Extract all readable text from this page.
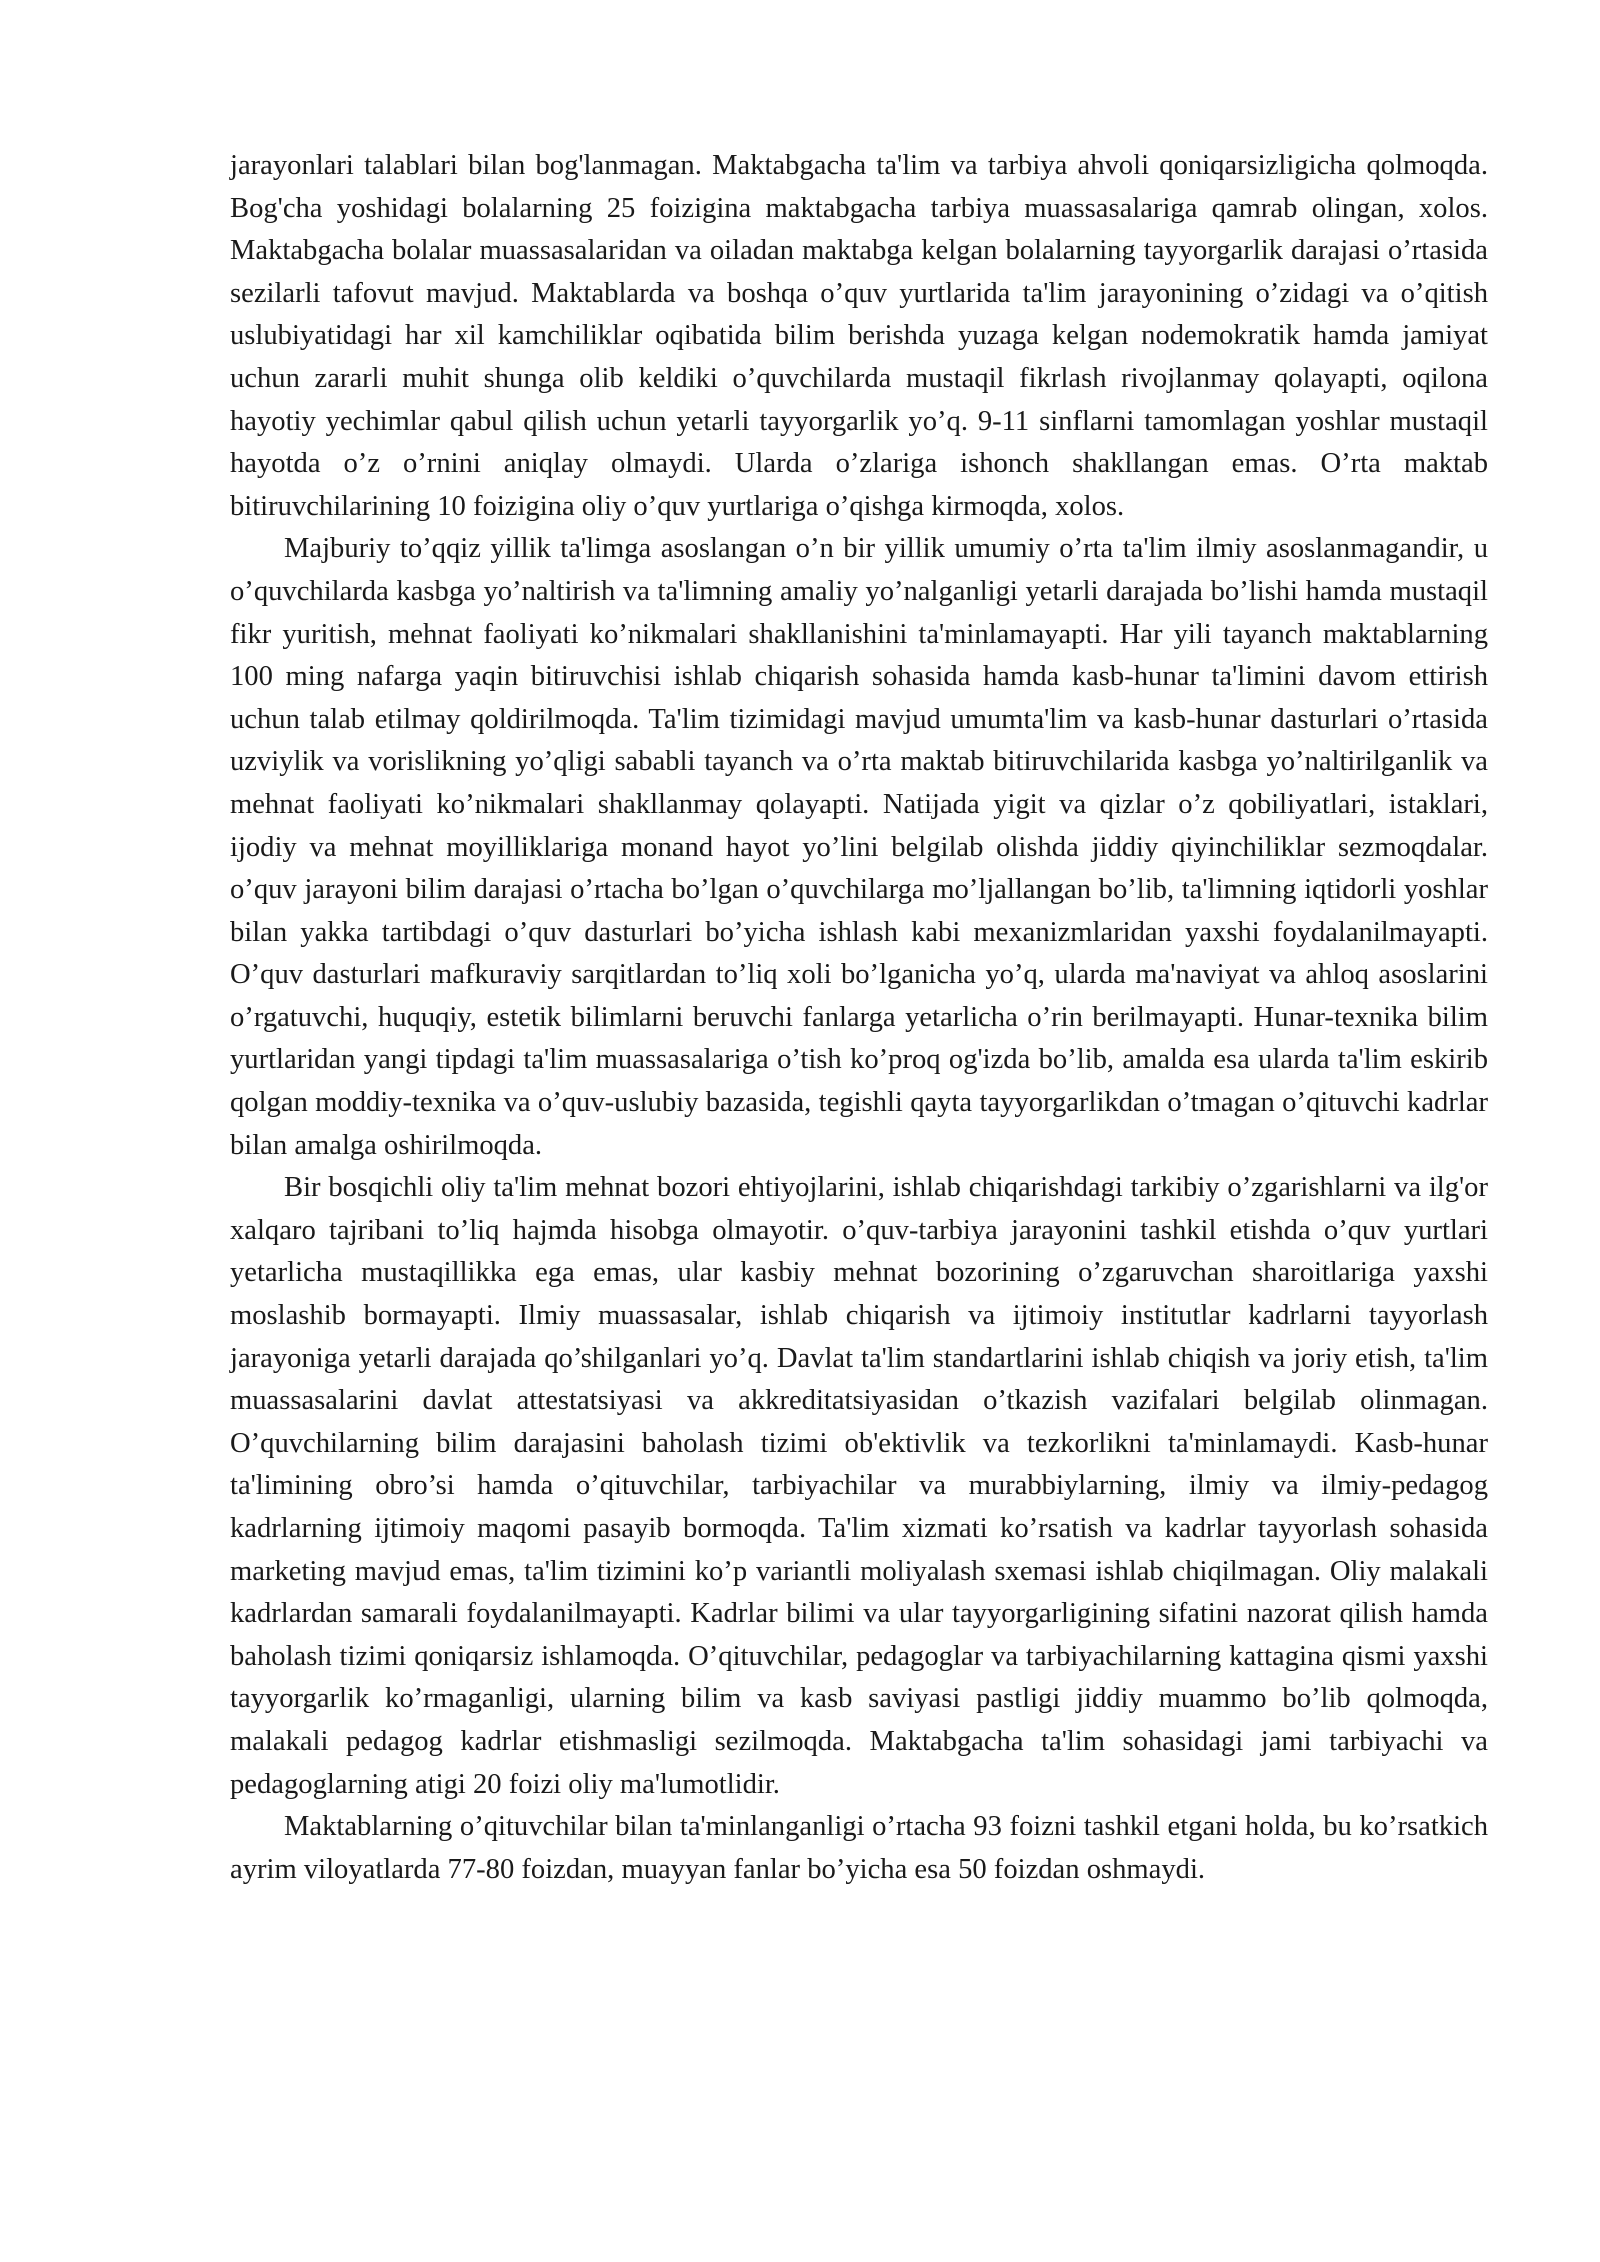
jarayonlari talablari bilan bog'lanmagan. Maktabgacha ta'lim va tarbiya ahvoli qoniqarsizligicha qolmoqda. Bog'cha yoshidagi bolalarning 25 foizigina maktabgacha tarbiya muassasalariga qamrab olingan, xolos. Maktabgacha bolalar muassasalaridan va oiladan maktabga kelgan bolalarning tayyorgarlik darajasi o’rtasida sezilarli tafovut mavjud. Maktablarda va boshqa o’quv yurtlarida ta'lim jarayonining o’zidagi va o’qitish uslubiyatidagi har xil kamchiliklar oqibatida bilim berishda yuzaga kelgan nodemokratik hamda jamiyat uchun zararli muhit shunga olib keldiki o’quvchilarda mustaqil fikrlash rivojlanmay qolayapti, oqilona hayotiy yechimlar qabul qilish uchun yetarli tayyorgarlik yo’q. 9-11 sinflarni tamomlagan yoshlar mustaqil hayotda o’z o’rnini aniqlay olmaydi. Ularda o’zlariga ishonch shakllangan emas. O’rta maktab bitiruvchilarining 10 foizigina oliy o’quv yurtlariga o’qishga kirmoqda, xolos.

Majburiy to’qqiz yillik ta'limga asoslangan o’n bir yillik umumiy o’rta ta'lim ilmiy asoslanmagandir, u o’quvchilarda kasbga yo’naltirish va ta'limning amaliy yo’nalganligi yetarli darajada bo’lishi hamda mustaqil fikr yuritish, mehnat faoliyati ko’nikmalari shakllanishini ta'minlamayapti. Har yili tayanch maktablarning 100 ming nafarga yaqin bitiruvchisi ishlab chiqarish sohasida hamda kasb-hunar ta'limini davom ettirish uchun talab etilmay qoldirilmoqda. Ta'lim tizimidagi mavjud umumta'lim va kasb-hunar dasturlari o’rtasida uzviylik va vorislikning yo’qligi sababli tayanch va o’rta maktab bitiruvchilarida kasbga yo’naltirilganlik va mehnat faoliyati ko’nikmalari shakllanmay qolayapti. Natijada yigit va qizlar o’z qobiliyatlari, istaklari, ijodiy va mehnat moyilliklariga monand hayot yo’lini belgilab olishda jiddiy qiyinchiliklar sezmoqdalar. o’quv jarayoni bilim darajasi o’rtacha bo’lgan o’quvchilarga mo’ljallangan bo’lib, ta'limning iqtidorli yoshlar bilan yakka tartibdagi o’quv dasturlari bo’yicha ishlash kabi mexanizmlaridan yaxshi foydalanilmayapti. O’quv dasturlari mafkuraviy sarqitlardan to’liq xoli bo’lganicha yo’q, ularda ma'naviyat va ahloq asoslarini o’rgatuvchi, huquqiy, estetik bilimlarni beruvchi fanlarga yetarlicha o’rin berilmayapti. Hunar-texnika bilim yurtlaridan yangi tipdagi ta'lim muassasalariga o’tish ko’proq og'izda bo’lib, amalda esa ularda ta'lim eskirib qolgan moddiy-texnika va o’quv-uslubiy bazasida, tegishli qayta tayyorgarlikdan o’tmagan o’qituvchi kadrlar bilan amalga oshirilmoqda.

Bir bosqichli oliy ta'lim mehnat bozori ehtiyojlarini, ishlab chiqarishdagi tarkibiy o’zgarishlarni va ilg'or xalqaro tajribani to’liq hajmda hisobga olmayotir. o’quv-tarbiya jarayonini tashkil etishda o’quv yurtlari yetarlicha mustaqillikka ega emas, ular kasbiy mehnat bozorining o’zgaruvchan sharoitlariga yaxshi moslashib bormayapti. Ilmiy muassasalar, ishlab chiqarish va ijtimoiy institutlar kadrlarni tayyorlash jarayoniga yetarli darajada qo’shilganlari yo’q. Davlat ta'lim standartlarini ishlab chiqish va joriy etish, ta'lim muassasalarini davlat attestatsiyasi va akkreditatsiyasidan o’tkazish vazifalari belgilab olinmagan. O’quvchilarning bilim darajasini baholash tizimi ob'ektivlik va tezkorlikni ta'minlamaydi. Kasb-hunar ta'limining obro’si hamda o’qituvchilar, tarbiyachilar va murabbiylarning, ilmiy va ilmiy-pedagog kadrlarning ijtimoiy maqomi pasayib bormoqda. Ta'lim xizmati ko’rsatish va kadrlar tayyorlash sohasida marketing mavjud emas, ta'lim tizimini ko’p variantli moliyalash sxemasi ishlab chiqilmagan. Oliy malakali kadrlardan samarali foydalanilmayapti. Kadrlar bilimi va ular tayyorgarligining sifatini nazorat qilish hamda baholash tizimi qoniqarsiz ishlamoqda. O’qituvchilar, pedagoglar va tarbiyachilarning kattagina qismi yaxshi tayyorgarlik ko’rmaganligi, ularning bilim va kasb saviyasi pastligi jiddiy muammo bo’lib qolmoqda, malakali pedagog kadrlar etishmasligi sezilmoqda. Maktabgacha ta'lim sohasidagi jami tarbiyachi va pedagoglarning atigi 20 foizi oliy ma'lumotlidir.

Maktablarning o’qituvchilar bilan ta'minlanganligi o’rtacha 93 foizni tashkil etgani holda, bu ko’rsatkich ayrim viloyatlarda 77-80 foizdan, muayyan fanlar bo’yicha esa 50 foizdan oshmaydi.
